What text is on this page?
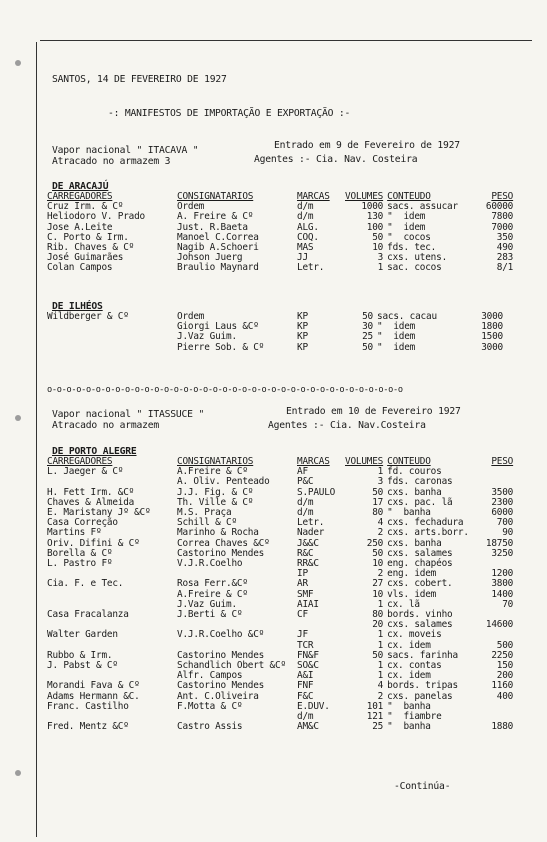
SANTOS, 14 DE FEVEREIRO DE 1927
-: MANIFESTOS DE IMPORTAÇÃO E EXPORTAÇÃO :-
Vapor nacional " ITACAVA "	Entrado em 9 de Fevereiro de 1927
Atracado no armazem 3	Agentes :- Cia. Nav. Costeira
DE ARACAJÚ
CARREGADORES	CONSIGNATARIOS	MARCAS	VOLUMES	CONTEUDO	PESO
Cruz Irm. & Cº	Ordem	d/m	1000	sacs. assucar	60000
Heliodoro V. Prado	A. Freire & Cº	d/m	130	"  idem	7800
Jose A.Leite	Just. R.Baeta	ALG.	100	"  idem	7000
C. Porto & Irm.	Manoel C.Correa	COQ.	50	"  cocos	350
Rib. Chaves & Cº	Nagib A.Schoeri	MAS	10	fds. tec.	490
José Guimarães	Johson Juerg	JJ	3	cxs. utens.	283
Colan Campos	Braulio Maynard	Letr.	1	sac. cocos	8/1
DE ILHÉOS
Wildberger & Cº	Ordem	KP	50	sacs. cacau	3000
	Giorgi Laus &Cº	KP	30	"  idem	1800
	J.Vaz Guim.	KP	25	"  idem	1500
	Pierre Sob. & Cº	KP	50	"  idem	3000
o-o-o-o-o-o-o-o-o-o-o-o-o-o-o-o-o-o-o-o-o-o-o-o-o-o-o-o-o-o-o-o-o-o-o-o-o
Vapor nacional " ITASSUCE "	Entrado em 10 de Fevereiro 1927
Atracado no armazem	Agentes :- Cia. Nav.Costeira
DE PORTO ALEGRE
CARREGADORES	CONSIGNATARIOS	MARCAS	VOLUMES	CONTEUDO	PESO
L. Jaeger & Cº	A.Freire & Cº	AF	1	fd. couros	
	A. Oliv. Penteado	P&C	3	fds. caronas	
H. Fett Irm. &Cº	J.J. Fig. & Cº	S.PAULO	50	cxs. banha	3500
Chaves & Almeida	Th. Ville & Cº	d/m	17	cxs. pac. lã	2300
E. Maristany Jº &Cº	M.S. Praça	d/m	80	"  banha	6000
Casa Correção	Schill & Cº	Letr.	4	cxs. fechadura	700
Martins Fº	Marinho & Rocha	Nader	2	cxs. arts.borr.	90
Oriv. Difini & Cº	Correa Chaves &Cº	J&&C	250	cxs. banha	18750
Borella & Cº	Castorino Mendes	R&C	50	cxs. salames	3250
L. Pastro Fº	V.J.R.Coelho	RR&C	10	eng. chapéos	
		IP	2	eng. idem	1200
Cia. F. e Tec.	Rosa Ferr.&Cº	AR	27	cxs. cobert.	3800
	A.Freire & Cº	SMF	10	vls. idem	1400
	J.Vaz Guim.	AIAI	1	cx. lã	70
Casa Fracalanza	J.Berti & Cº	CF	80	bords. vinho	
			20	cxs. salames	14600
Walter Garden	V.J.R.Coelho &Cº	JF	1	cx. moveis	
		TCR	1	cx. idem	500
Rubbo & Irm.	Castorino Mendes	FN&F	50	sacs. farinha	2250
J. Pabst & Cº	Schandlich Obert &Cº	SO&C	1	cx. contas	150
	Alfr. Campos	A&I	1	cx. idem	200
Morandi Fava & Cº	Castorino Mendes	FNF	4	bords. tripas	1160
Adams Hermann &C.	Ant. C.Oliveira	F&C	2	cxs. panelas	400
Franc. Castilho	F.Motta & Cº	E.DUV.	101	"  banha	
		d/m	121	"  fiambre	
Fred. Mentz &Cº	Castro Assis	AM&C	25	"  banha	1880
-Continúa-
